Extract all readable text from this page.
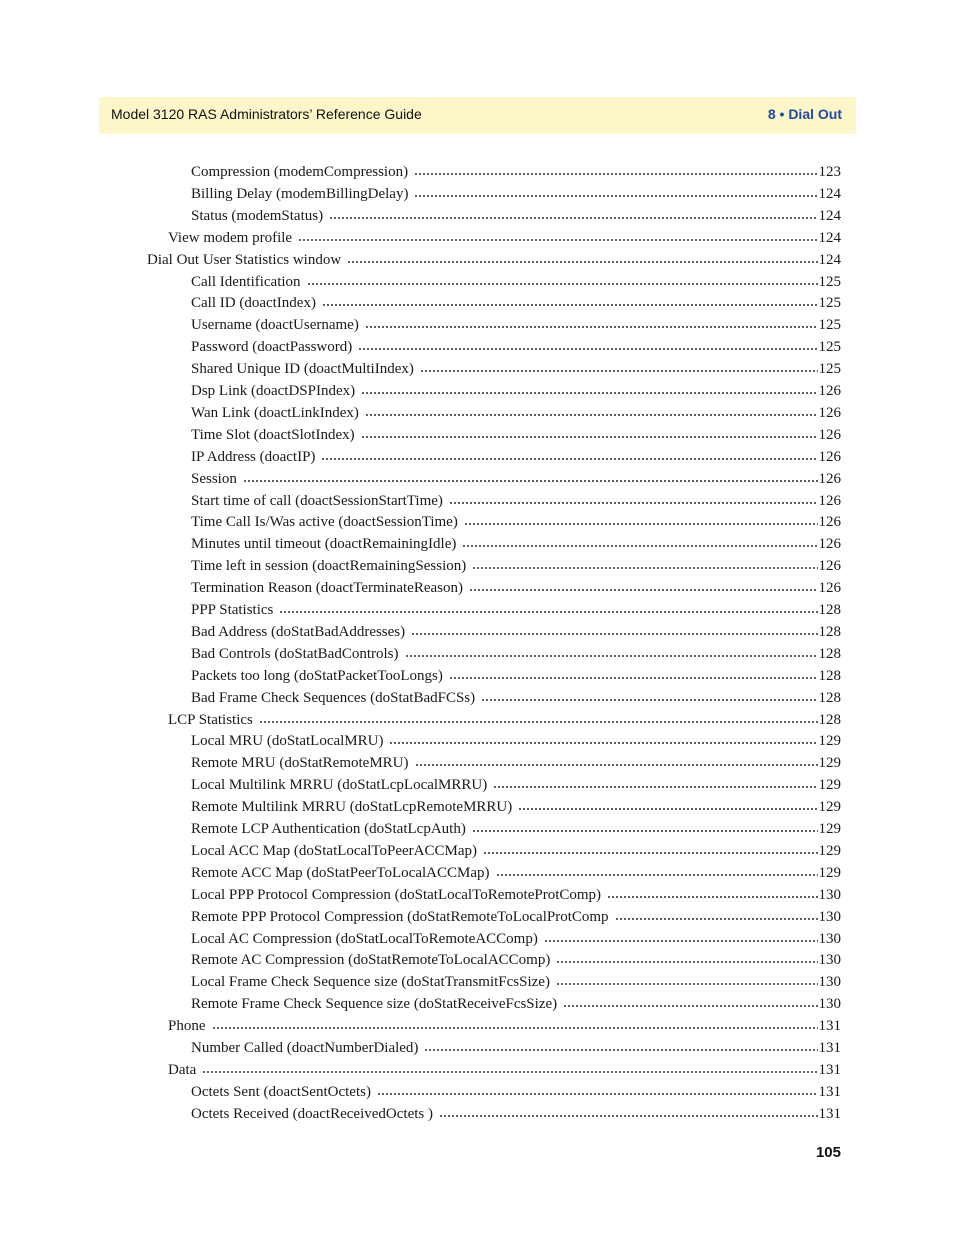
Model 3120 RAS Administrators’ Reference Guide	8 • Dial Out
Compression (modemCompression)	123
Billing Delay (modemBillingDelay)	124
Status (modemStatus)	124
View modem profile	124
Dial Out User Statistics window	124
Call Identification	125
Call ID (doactIndex)	125
Username (doactUsername)	125
Password (doactPassword)	125
Shared Unique ID (doactMultiIndex)	125
Dsp Link (doactDSPIndex)	126
Wan Link (doactLinkIndex)	126
Time Slot (doactSlotIndex)	126
IP Address (doactIP)	126
Session	126
Start time of call (doactSessionStartTime)	126
Time Call Is/Was active (doactSessionTime)	126
Minutes until timeout (doactRemainingIdle)	126
Time left in session (doactRemainingSession)	126
Termination Reason (doactTerminateReason)	126
PPP Statistics	128
Bad Address (doStatBadAddresses)	128
Bad Controls (doStatBadControls)	128
Packets too long (doStatPacketTooLongs)	128
Bad Frame Check Sequences (doStatBadFCSs)	128
LCP Statistics	128
Local MRU (doStatLocalMRU)	129
Remote MRU (doStatRemoteMRU)	129
Local Multilink MRRU (doStatLcpLocalMRRU)	129
Remote Multilink MRRU (doStatLcpRemoteMRRU)	129
Remote LCP Authentication (doStatLcpAuth)	129
Local ACC Map (doStatLocalToPeerACCMap)	129
Remote ACC Map (doStatPeerToLocalACCMap)	129
Local PPP Protocol Compression (doStatLocalToRemoteProtComp)	130
Remote PPP Protocol Compression (doStatRemoteToLocalProtComp	130
Local AC Compression (doStatLocalToRemoteACComp)	130
Remote AC Compression (doStatRemoteToLocalACComp)	130
Local Frame Check Sequence size (doStatTransmitFcsSize)	130
Remote Frame Check Sequence size (doStatReceiveFcsSize)	130
Phone	131
Number Called (doactNumberDialed)	131
Data	131
Octets Sent (doactSentOctets)	131
Octets Received (doactReceivedOctets )	131
105
